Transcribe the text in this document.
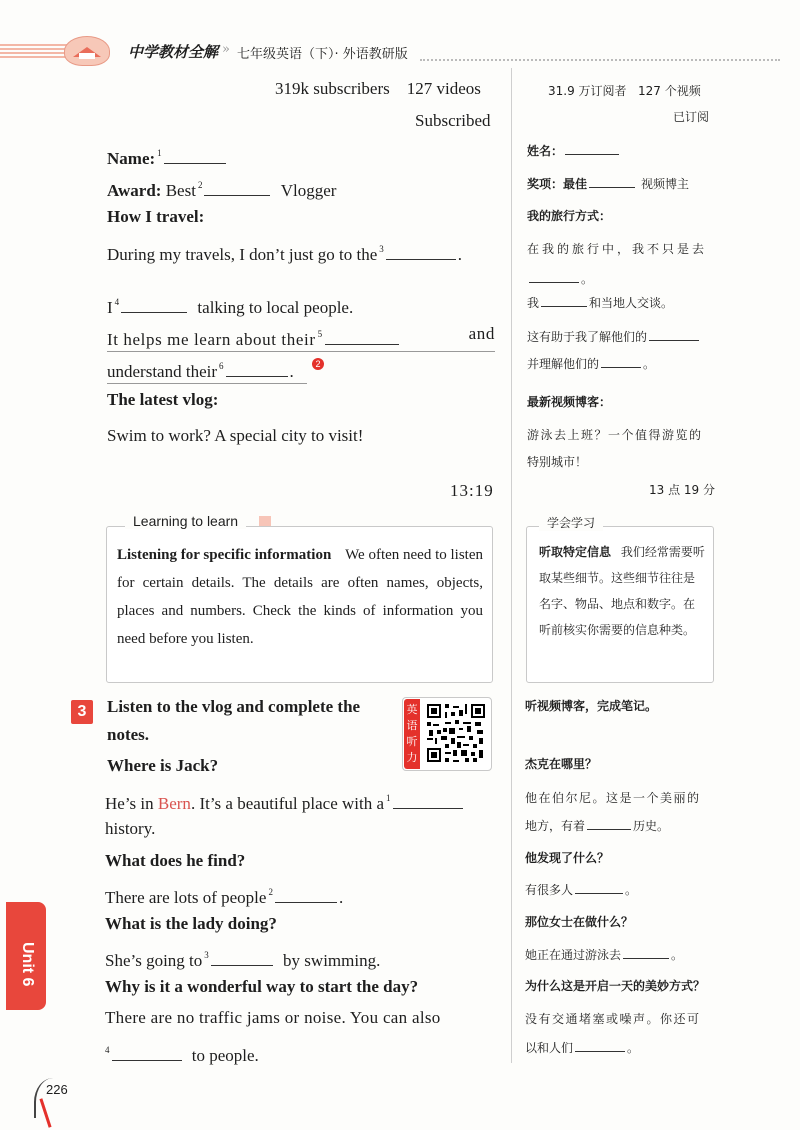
中学教材全解 » 七年级英语（下）· 外语教研版
319k subscribers    127 videos
Subscribed
Name: $^1$
Award: Best $^2$	Vlogger
How I travel:
During my travels, I don’t just go to the $^3$	.
I $^4$	talking to local people.
It helps me learn about their $^5$	and
understand their $^6$	.	2
The latest vlog:
Swim to work? A special city to visit!
13:19
31.9 万订阅者   127 个视频
已订阅
姓名：
奖项：最佳	视频博主
我的旅行方式：
在我的旅行中，我不只是去
。
我	和当地人交谈。
这有助于我了解他们的
并理解他们的	。
最新视频博客：
游泳去上班？一个值得游览的
特别城市！
13 点 19 分
Learning to learn
Listening for specific information We often need to listen for certain details. The details are often names, objects, places and numbers. Check the kinds of information you need before you listen.
学会学习
听取特定信息 我们经常需要听取某些细节。这些细节往往是名字、物品、地点和数字。在听前核实你需要的信息种类。
3	Listen to the vlog and complete the
notes.
英语听力
Where is Jack?
He’s in Bern. It’s a beautiful place with a $^1$
history.
What does he find?
There are lots of people $^2$	.
What is the lady doing?
She’s going to $^3$	by swimming.
Why is it a wonderful way to start the day?
There are no traffic jams or noise. You can also
$^4$	to people.
听视频博客，完成笔记。
杰克在哪里？
他在伯尔尼。这是一个美丽的
地方，有着	历史。
他发现了什么？
有很多人	。
那位女士在做什么？
她正在通过游泳去	。
为什么这是开启一天的美妙方式？
没有交通堵塞或噪声。你还可
以和人们	。
Unit 6
226
